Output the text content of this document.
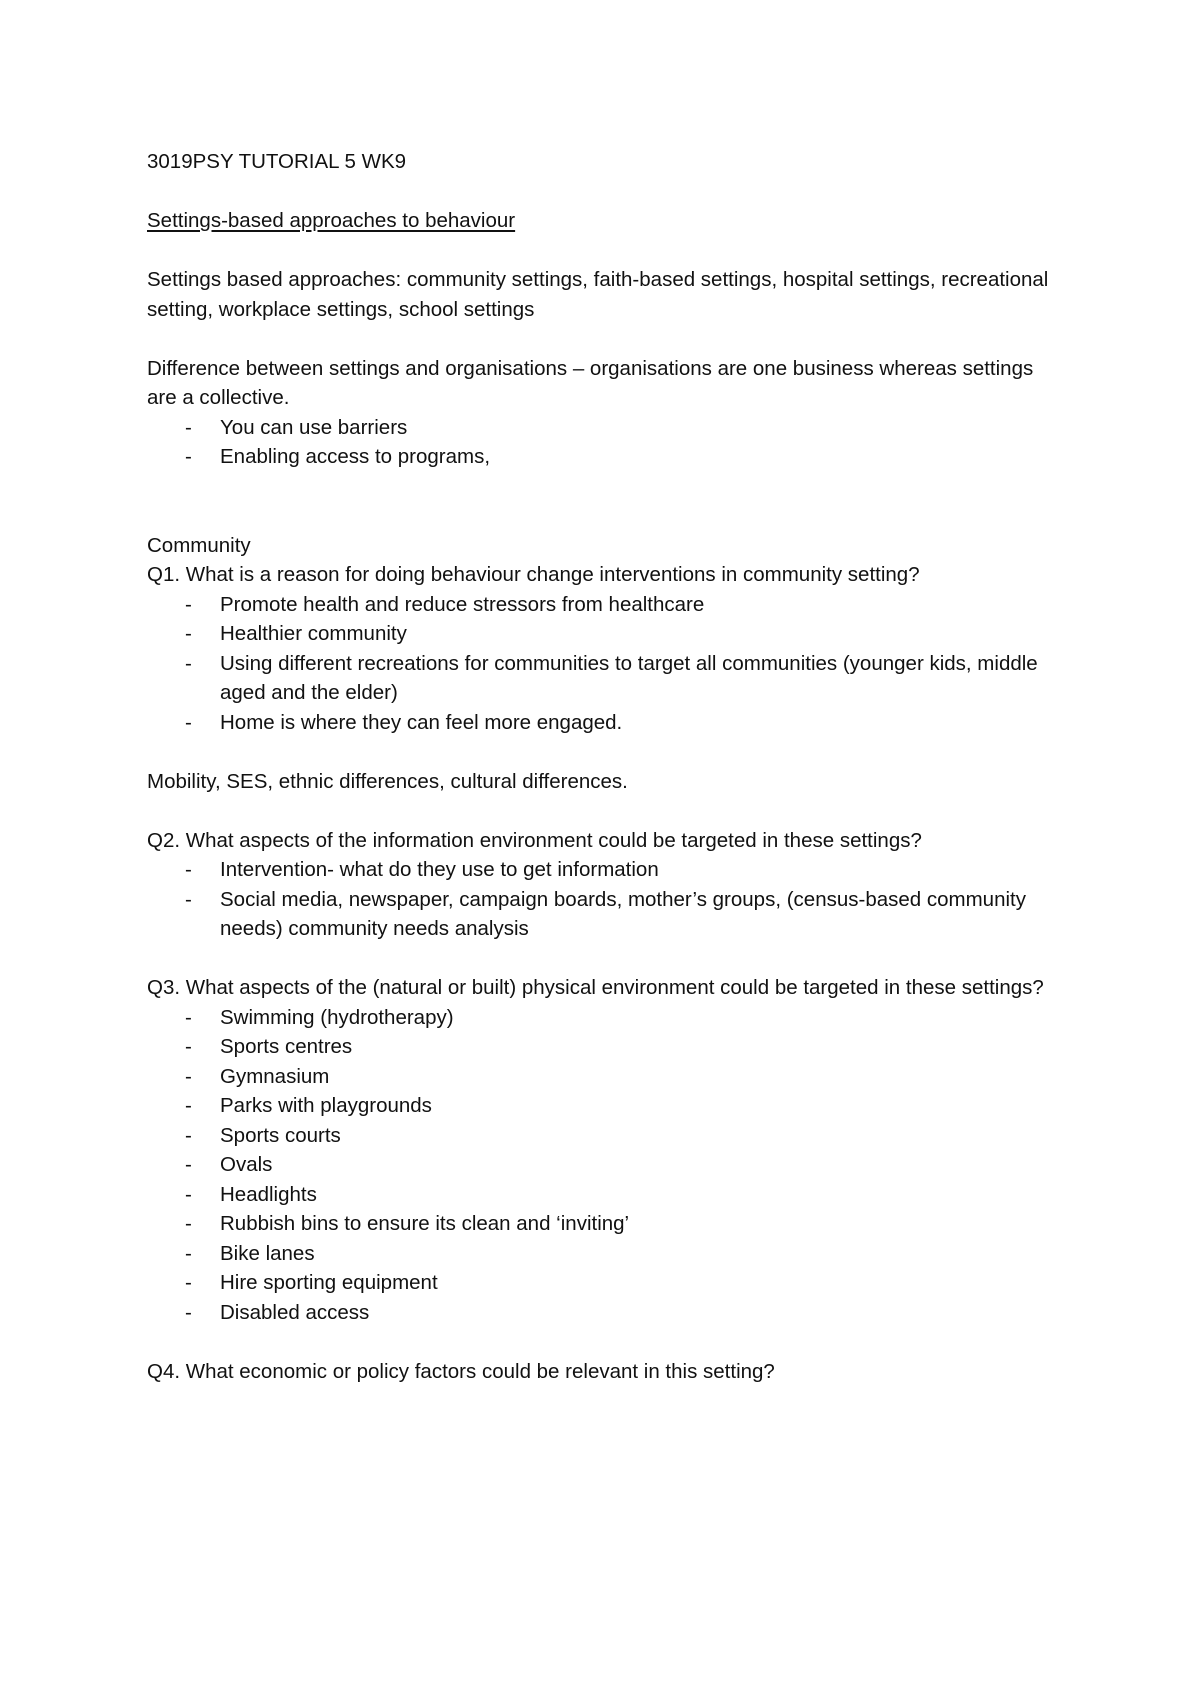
3019PSY TUTORIAL 5 WK9

Settings-based approaches to behaviour

Settings based approaches: community settings, faith-based settings, hospital settings, recreational setting, workplace settings, school settings

Difference between settings and organisations – organisations are one business whereas settings are a collective.

- You can use barriers
- Enabling access to programs,

Community

Q1. What is a reason for doing behaviour change interventions in community setting?

- Promote health and reduce stressors from healthcare
- Healthier community
- Using different recreations for communities to target all communities (younger kids, middle aged and the elder)
- Home is where they can feel more engaged.

Mobility, SES, ethnic differences, cultural differences.

Q2. What aspects of the information environment could be targeted in these settings?

- Intervention- what do they use to get information
- Social media, newspaper, campaign boards, mother’s groups, (census-based community needs) community needs analysis

Q3. What aspects of the (natural or built) physical environment could be targeted in these settings?

- Swimming (hydrotherapy)
- Sports centres
- Gymnasium
- Parks with playgrounds
- Sports courts
- Ovals
- Headlights
- Rubbish bins to ensure its clean and ‘inviting’
- Bike lanes
- Hire sporting equipment
- Disabled access

Q4. What economic or policy factors could be relevant in this setting?
